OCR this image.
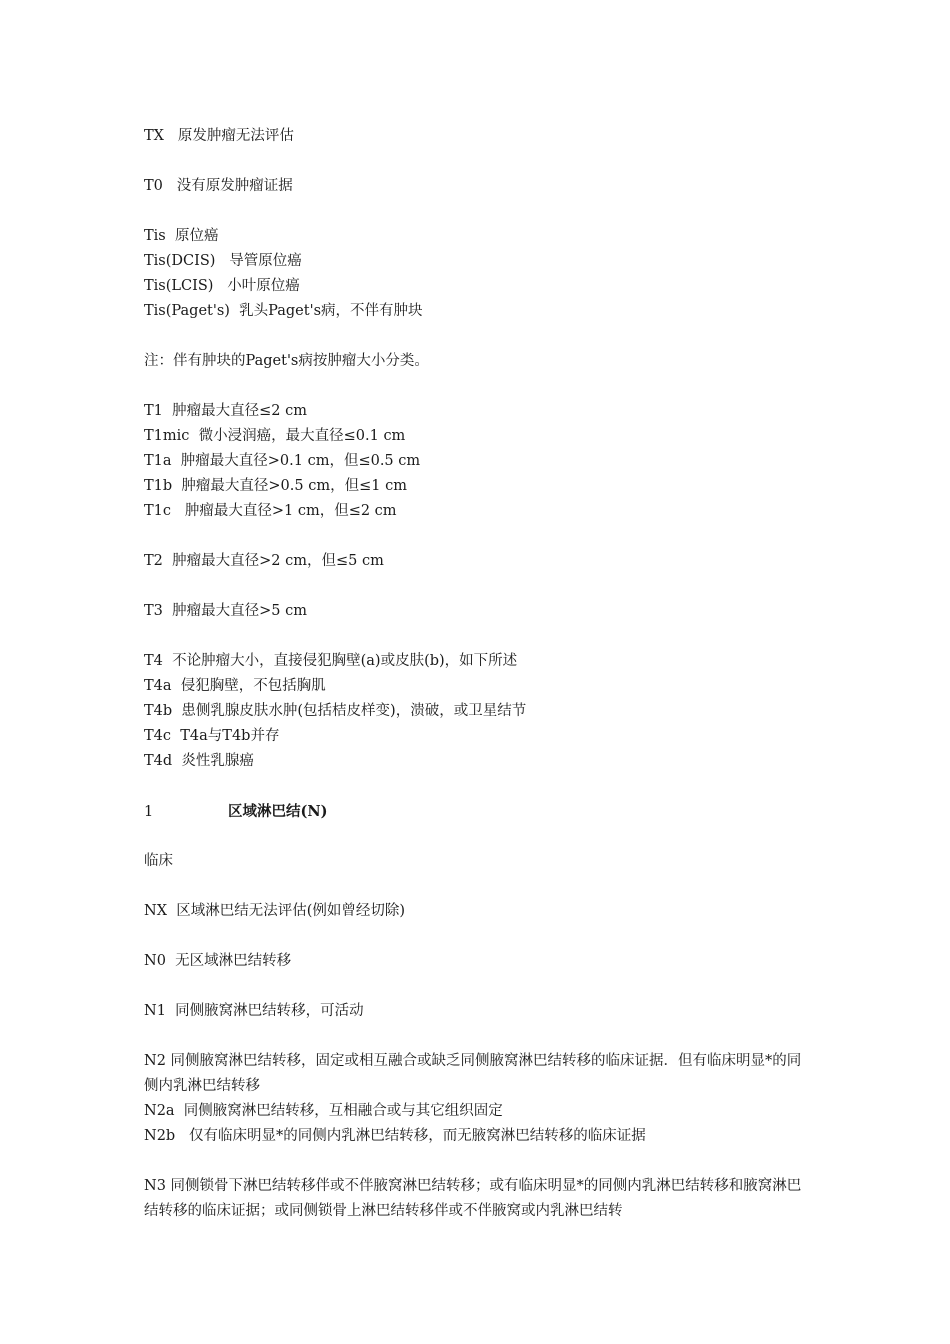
TX   原发肿瘤无法评估
T0   没有原发肿瘤证据
Tis  原位癌
Tis(DCIS)   导管原位癌
Tis(LCIS)   小叶原位癌
Tis(Paget's)  乳头Paget's病，不伴有肿块
注：伴有肿块的Paget's病按肿瘤大小分类。
T1  肿瘤最大直径≤2 cm
T1mic  微小浸润癌，最大直径≤0.1 cm
T1a  肿瘤最大直径>0.1 cm，但≤0.5 cm
T1b  肿瘤最大直径>0.5 cm，但≤1 cm
T1c   肿瘤最大直径>1 cm，但≤2 cm
T2  肿瘤最大直径>2 cm，但≤5 cm
T3  肿瘤最大直径>5 cm
T4  不论肿瘤大小，直接侵犯胸壁(a)或皮肤(b)，如下所述
T4a  侵犯胸壁，不包括胸肌
T4b  患侧乳腺皮肤水肿(包括桔皮样变)，溃破，或卫星结节
T4c  T4a与T4b并存
T4d  炎性乳腺癌
1	区域淋巴结(N)
临床
NX  区域淋巴结无法评估(例如曾经切除)
N0  无区域淋巴结转移
N1  同侧腋窝淋巴结转移，可活动
N2 同侧腋窝淋巴结转移，固定或相互融合或缺乏同侧腋窝淋巴结转移的临床证据．但有临床明显*的同侧内乳淋巴结转移
N2a  同侧腋窝淋巴结转移，互相融合或与其它组织固定
N2b   仅有临床明显*的同侧内乳淋巴结转移，而无腋窝淋巴结转移的临床证据
N3 同侧锁骨下淋巴结转移伴或不伴腋窝淋巴结转移；或有临床明显*的同侧内乳淋巴结转移和腋窝淋巴结转移的临床证据；或同侧锁骨上淋巴结转移伴或不伴腋窝或内乳淋巴结转
